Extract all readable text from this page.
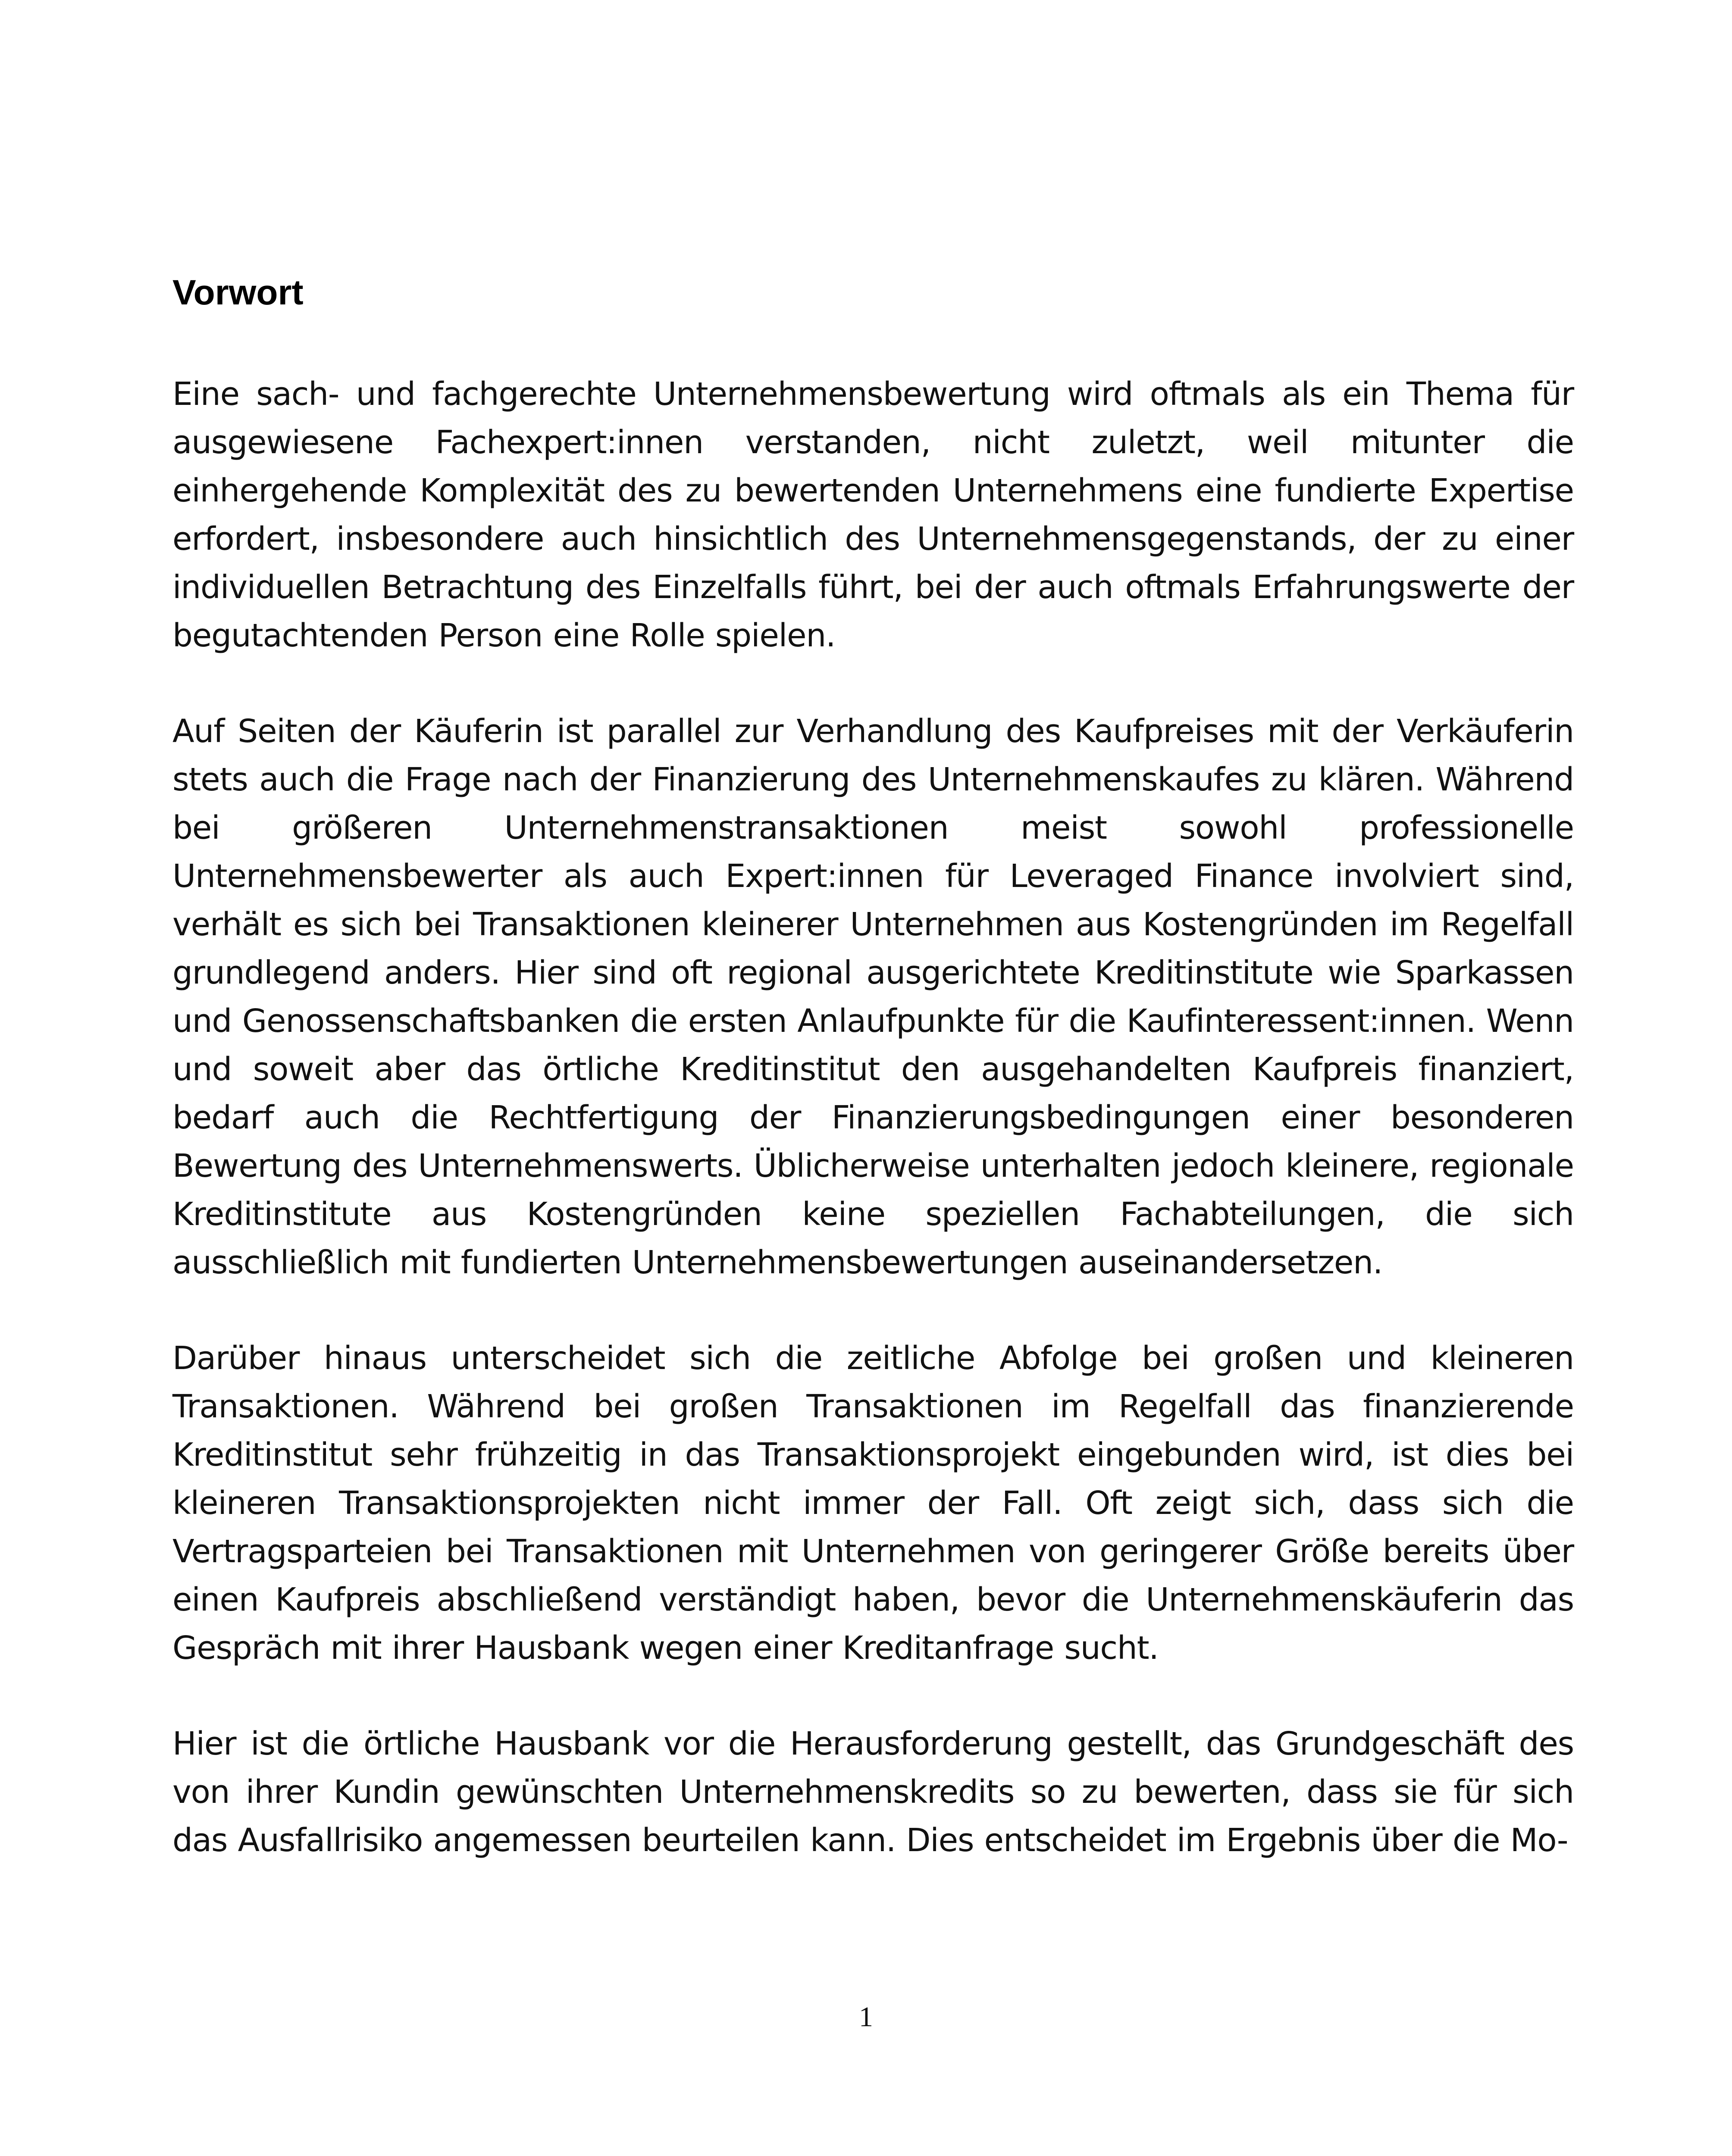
Vorwort

Eine sach- und fachgerechte Unternehmensbewertung wird oftmals als ein Thema für ausgewiesene Fachexpert:innen verstanden, nicht zuletzt, weil mitunter die einhergehende Komplexität des zu bewertenden Unternehmens eine fundierte Expertise erfordert, insbesondere auch hinsichtlich des Unternehmensgegenstands, der zu einer individuellen Betrachtung des Einzelfalls führt, bei der auch oftmals Erfahrungswerte der begutachtenden Person eine Rolle spielen.

Auf Seiten der Käuferin ist parallel zur Verhandlung des Kaufpreises mit der Verkäuferin stets auch die Frage nach der Finanzierung des Unternehmenskaufes zu klären. Während bei größeren Unternehmenstransaktionen meist sowohl professionelle Unternehmensbewerter als auch Expert:innen für Leveraged Finance involviert sind, verhält es sich bei Transaktionen kleinerer Unternehmen aus Kostengründen im Regelfall grundlegend anders. Hier sind oft regional ausgerichtete Kreditinstitute wie Sparkassen und Genossenschaftsbanken die ersten Anlaufpunkte für die Kaufinteressent:innen. Wenn und soweit aber das örtliche Kreditinstitut den ausgehandelten Kaufpreis finanziert, bedarf auch die Rechtfertigung der Finanzierungsbedingungen einer besonderen Bewertung des Unternehmenswerts. Üblicherweise unterhalten jedoch kleinere, regionale Kreditinstitute aus Kostengründen keine speziellen Fachabteilungen, die sich ausschließlich mit fundierten Unternehmensbewertungen auseinandersetzen.

Darüber hinaus unterscheidet sich die zeitliche Abfolge bei großen und kleineren Transaktionen. Während bei großen Transaktionen im Regelfall das finanzierende Kreditinstitut sehr frühzeitig in das Transaktionsprojekt eingebunden wird, ist dies bei kleineren Transaktionsprojekten nicht immer der Fall. Oft zeigt sich, dass sich die Vertragsparteien bei Transaktionen mit Unternehmen von geringerer Größe bereits über einen Kaufpreis abschließend verständigt haben, bevor die Unternehmenskäuferin das Gespräch mit ihrer Hausbank wegen einer Kreditanfrage sucht.

Hier ist die örtliche Hausbank vor die Herausforderung gestellt, das Grundgeschäft des von ihrer Kundin gewünschten Unternehmenskredits so zu bewerten, dass sie für sich das Ausfallrisiko angemessen beurteilen kann. Dies entscheidet im Ergebnis über die Mo-

1
